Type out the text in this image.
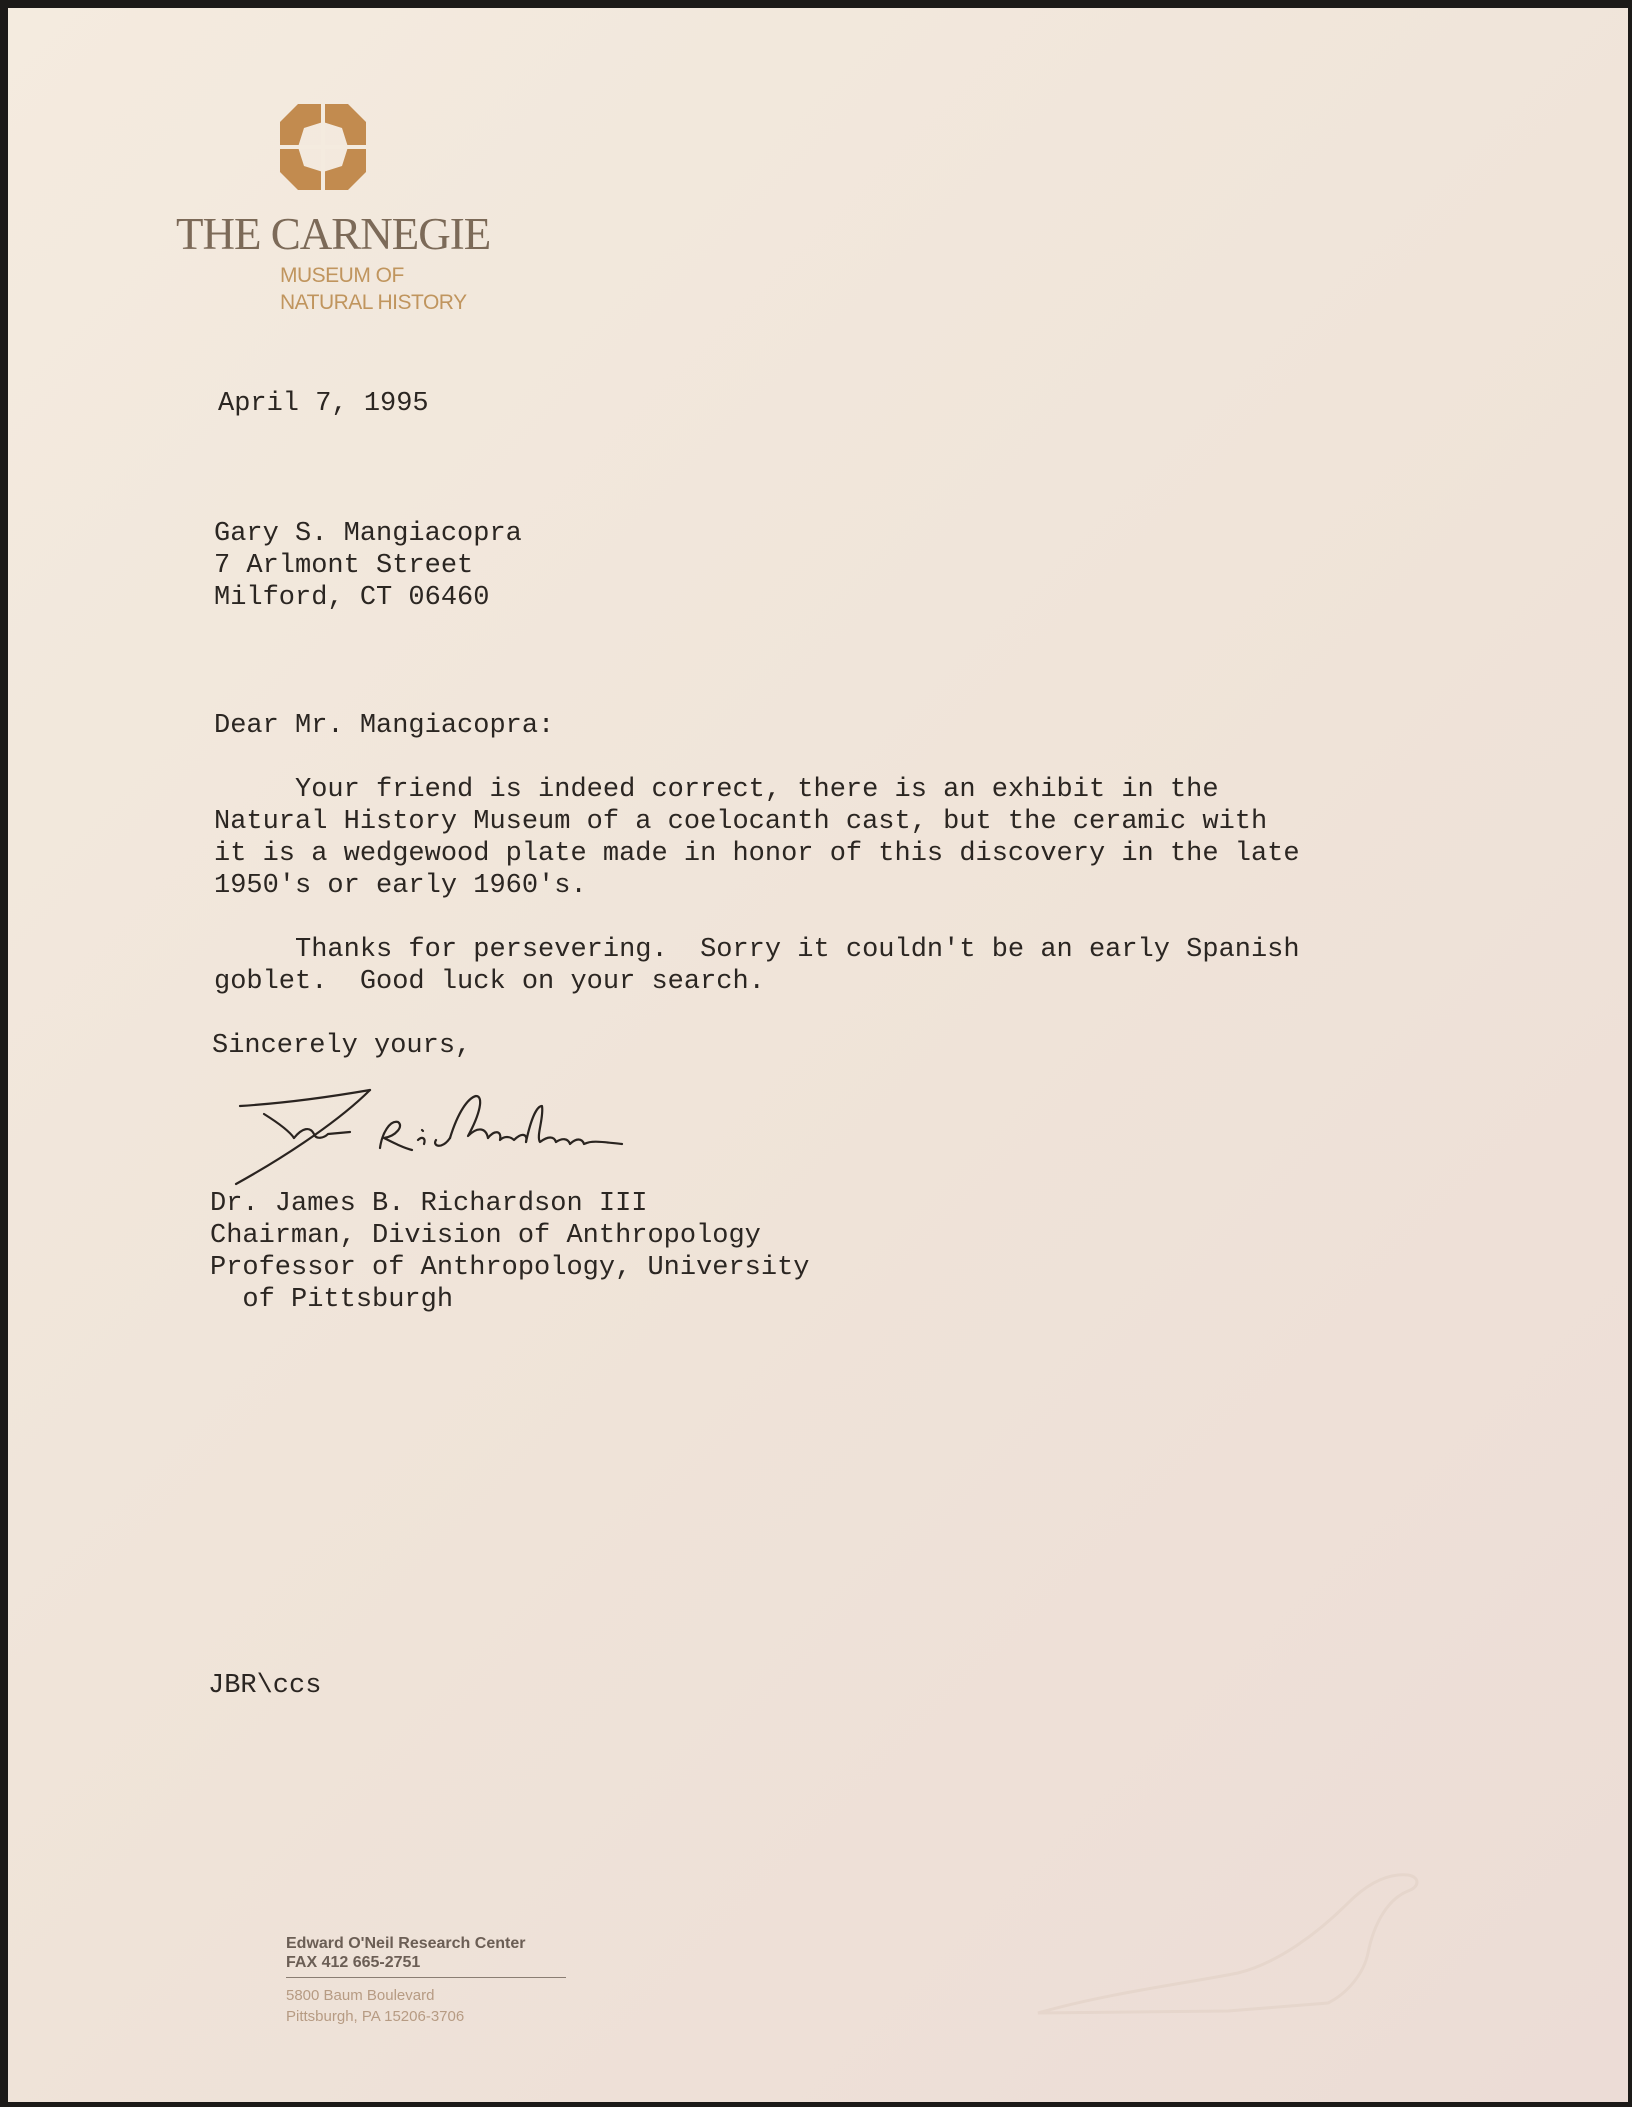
THE CARNEGIE
MUSEUM OF
NATURAL HISTORY
April 7, 1995
Gary S. Mangiacopra
7 Arlmont Street
Milford, CT 06460
Dear Mr. Mangiacopra:
Your friend is indeed correct, there is an exhibit in the
Natural History Museum of a coelocanth cast, but the ceramic with
it is a wedgewood plate made in honor of this discovery in the late
1950's or early 1960's.
Thanks for persevering.  Sorry it couldn't be an early Spanish
goblet.  Good luck on your search.
Sincerely yours,
Dr. James B. Richardson III
Chairman, Division of Anthropology
Professor of Anthropology, University
of Pittsburgh
JBR\ccs
Edward O'Neil Research Center
FAX 412 665-2751
5800 Baum Boulevard
Pittsburgh, PA 15206-3706
